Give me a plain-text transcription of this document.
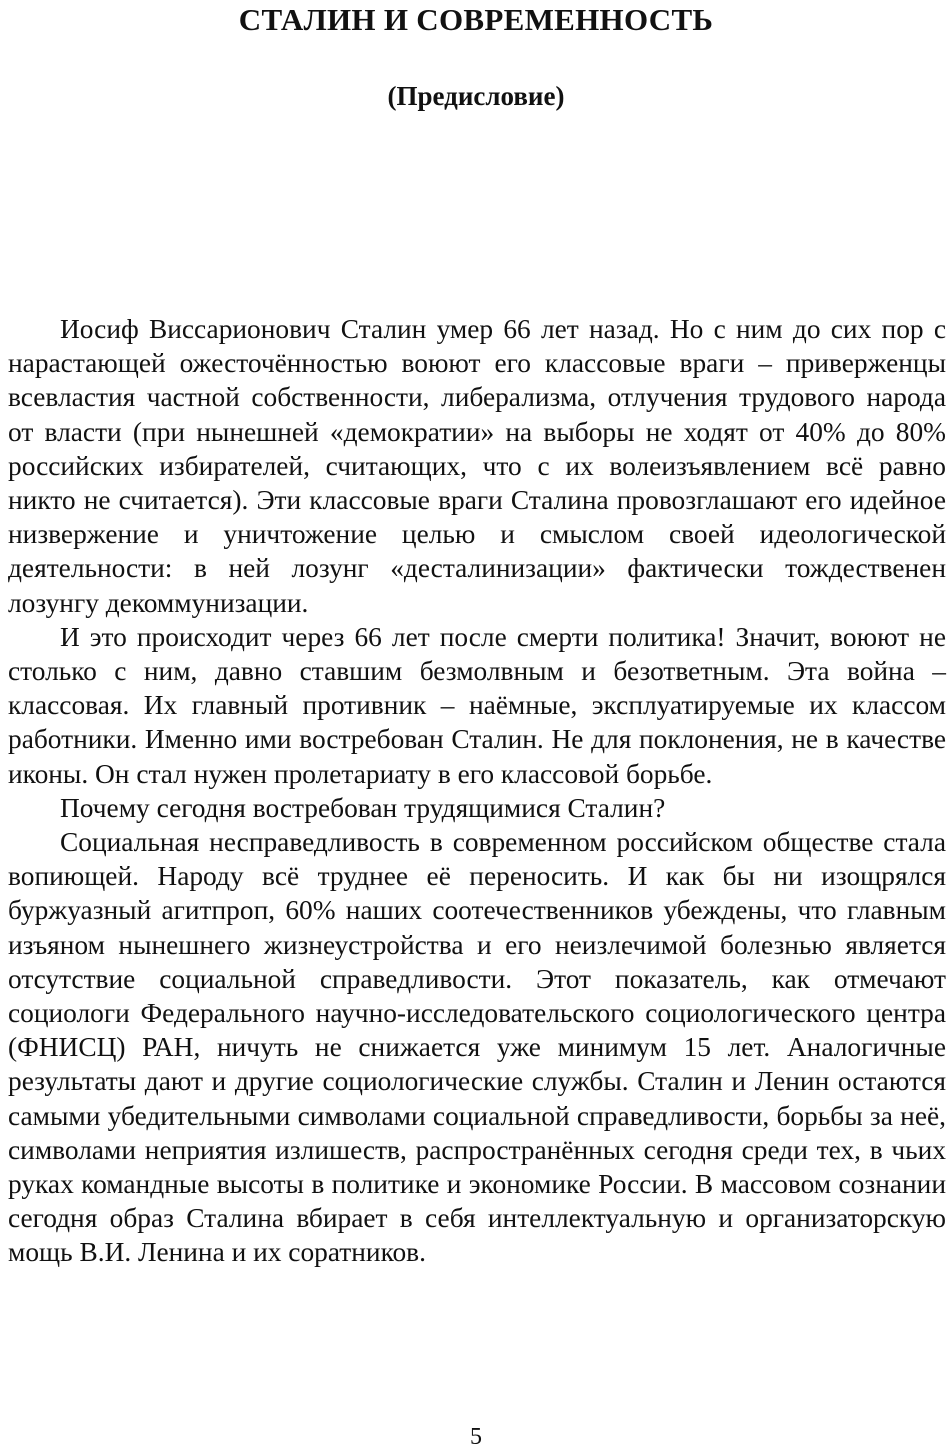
СТАЛИН И СОВРЕМЕННОСТЬ
(Предисловие)

Иосиф Виссарионович Сталин умер 66 лет назад. Но с ним до сих пор с нарастающей ожесточённостью воюют его классовые враги – приверженцы всевластия частной собственности, либерализма, отлучения трудового народа от власти (при нынешней «демократии» на выборы не ходят от 40% до 80% российских избирателей, считающих, что с их волеизъявлением всё равно никто не считается). Эти классовые враги Сталина провозглашают его идейное низвержение и уничтожение целью и смыслом своей идеологической деятельности: в ней лозунг «десталинизации» фактически тождественен лозунгу декоммунизации.

И это происходит через 66 лет после смерти политика! Значит, воюют не столько с ним, давно ставшим безмолвным и безответным. Эта война – классовая. Их главный противник – наёмные, эксплуатируемые их классом работники. Именно ими востребован Сталин. Не для поклонения, не в качестве иконы. Он стал нужен пролетариату в его классовой борьбе.

Почему сегодня востребован трудящимися Сталин?

Социальная несправедливость в современном российском обществе стала вопиющей. Народу всё труднее её переносить. И как бы ни изощрялся буржуазный агитпроп, 60% наших соотечественников убеждены, что главным изъяном нынешнего жизнеустройства и его неизлечимой болезнью является отсутствие социальной справедливости. Этот показатель, как отмечают социологи Федерального научно-исследовательского социологического центра (ФНИСЦ) РАН, ничуть не снижается уже минимум 15 лет. Аналогичные результаты дают и другие социологические службы. Сталин и Ленин остаются самыми убедительными символами социальной справедливости, борьбы за неё, символами неприятия излишеств, распространённых сегодня среди тех, в чьих руках командные высоты в политике и экономике России. В массовом сознании сегодня образ Сталина вбирает в себя интеллектуальную и организаторскую мощь В.И. Ленина и их соратников.

5
